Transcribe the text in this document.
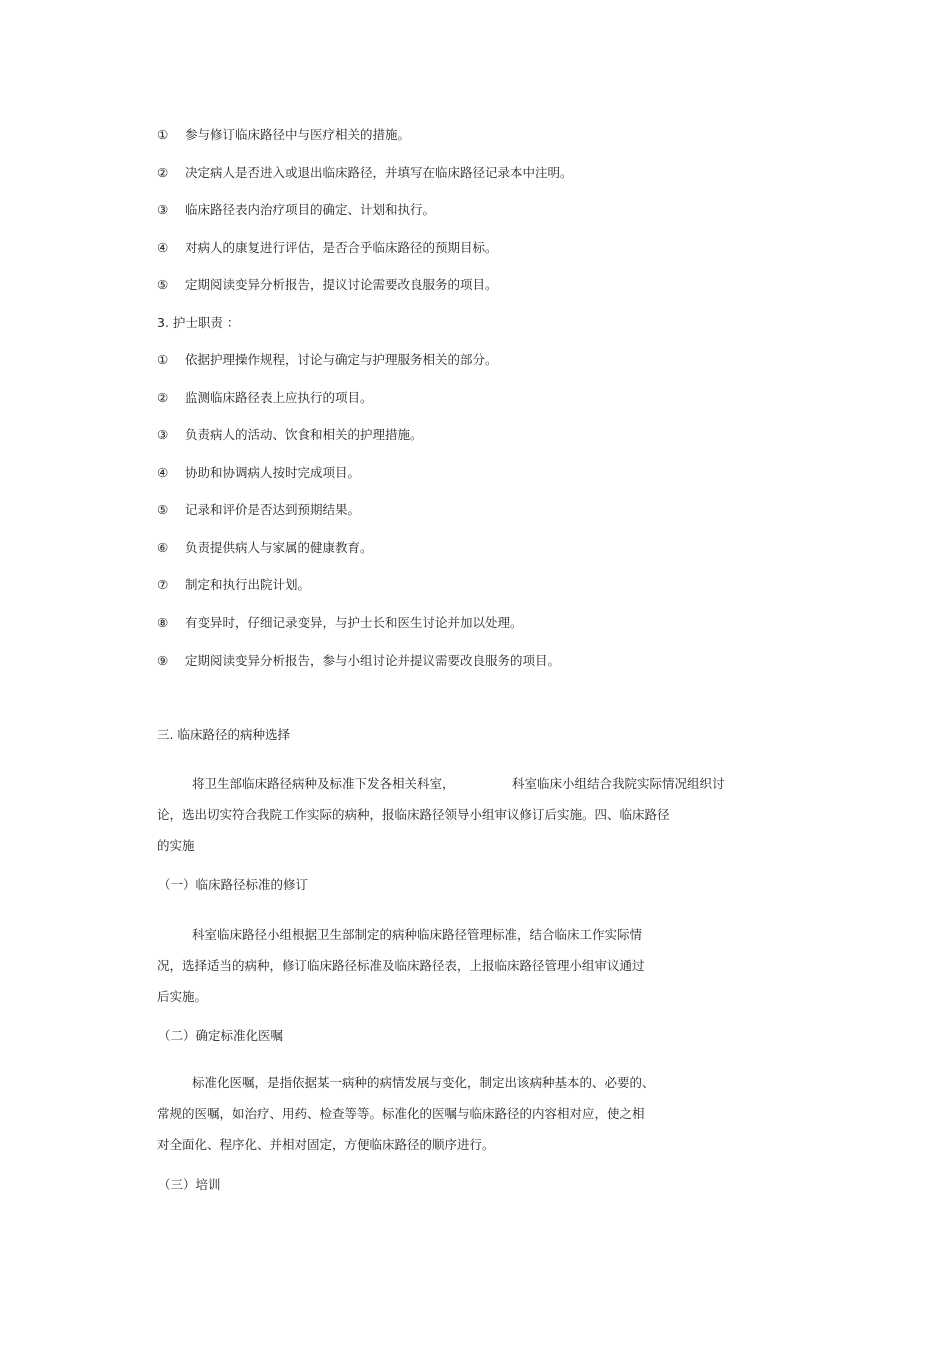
①	参与修订临床路径中与医疗相关的措施。
②	决定病人是否进入或退出临床路径，并填写在临床路径记录本中注明。
③	临床路径表内治疗项目的确定、计划和执行。
④	对病人的康复进行评估，是否合乎临床路径的预期目标。
⑤	定期阅读变异分析报告，提议讨论需要改良服务的项目。
3. 护士职责 ：
①	依据护理操作规程，讨论与确定与护理服务相关的部分。
②	监测临床路径表上应执行的项目。
③	负责病人的活动、饮食和相关的护理措施。
④	协助和协调病人按时完成项目。
⑤	记录和评价是否达到预期结果。
⑥	负责提供病人与家属的健康教育。
⑦	制定和执行出院计划。
⑧	有变异时，仔细记录变异，与护士长和医生讨论并加以处理。
⑨	定期阅读变异分析报告，参与小组讨论并提议需要改良服务的项目。
三. 临床路径的病种选择
将卫生部临床路径病种及标准下发各相关科室，	科室临床小组结合我院实际情况组织讨
论，选出切实符合我院工作实际的病种，报临床路径领导小组审议修订后实施。四、临床路径
的实施
（一）临床路径标准的修订
科室临床路径小组根据卫生部制定的病种临床路径管理标准，结合临床工作实际情
况，选择适当的病种，修订临床路径标准及临床路径表，上报临床路径管理小组审议通过
后实施。
（二）确定标准化医嘱
标准化医嘱，是指依据某一病种的病情发展与变化，制定出该病种基本的、必要的、
常规的医嘱，如治疗、用药、检查等等。标准化的医嘱与临床路径的内容相对应，使之相
对全面化、程序化、并相对固定，方便临床路径的顺序进行。
（三）培训
